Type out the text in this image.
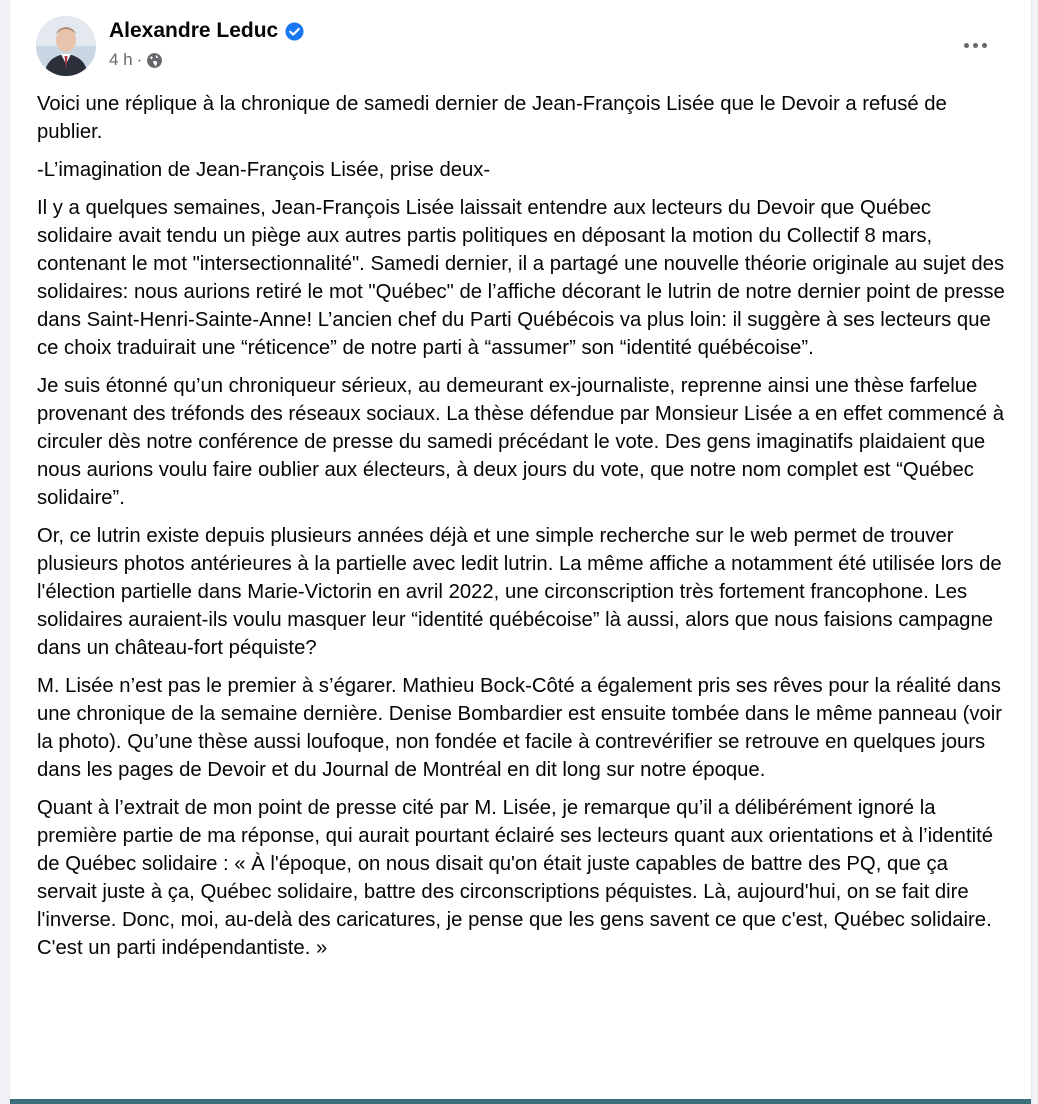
Alexandre Leduc
4 h ·

Voici une réplique à la chronique de samedi dernier de Jean-François Lisée que le Devoir a refusé de publier.

-L’imagination de Jean-François Lisée, prise deux-

Il y a quelques semaines, Jean-François Lisée laissait entendre aux lecteurs du Devoir que Québec solidaire avait tendu un piège aux autres partis politiques en déposant la motion du Collectif 8 mars, contenant le mot "intersectionnalité". Samedi dernier, il a partagé une nouvelle théorie originale au sujet des solidaires: nous aurions retiré le mot "Québec" de l’affiche décorant le lutrin de notre dernier point de presse dans Saint-Henri-Sainte-Anne! L’ancien chef du Parti Québécois va plus loin: il suggère à ses lecteurs que ce choix traduirait une “réticence” de notre parti à “assumer” son “identité québécoise”.

Je suis étonné qu’un chroniqueur sérieux, au demeurant ex-journaliste, reprenne ainsi une thèse farfelue provenant des tréfonds des réseaux sociaux. La thèse défendue par Monsieur Lisée a en effet commencé à circuler dès notre conférence de presse du samedi précédant le vote. Des gens imaginatifs plaidaient que nous aurions voulu faire oublier aux électeurs, à deux jours du vote, que notre nom complet est “Québec solidaire”.

Or, ce lutrin existe depuis plusieurs années déjà et une simple recherche sur le web permet de trouver plusieurs photos antérieures à la partielle avec ledit lutrin. La même affiche a notamment été utilisée lors de l'élection partielle dans Marie-Victorin en avril 2022, une circonscription très fortement francophone. Les solidaires auraient-ils voulu masquer leur “identité québécoise” là aussi, alors que nous faisions campagne dans un château-fort péquiste?

M. Lisée n’est pas le premier à s’égarer. Mathieu Bock-Côté a également pris ses rêves pour la réalité dans une chronique de la semaine dernière. Denise Bombardier est ensuite tombée dans le même panneau (voir la photo). Qu’une thèse aussi loufoque, non fondée et facile à contrevérifier se retrouve en quelques jours dans les pages de Devoir et du Journal de Montréal en dit long sur notre époque.

Quant à l’extrait de mon point de presse cité par M. Lisée, je remarque qu’il a délibérément ignoré la première partie de ma réponse, qui aurait pourtant éclairé ses lecteurs quant aux orientations et à l’identité de Québec solidaire : « À l'époque, on nous disait qu'on était juste capables de battre des PQ, que ça servait juste à ça, Québec solidaire, battre des circonscriptions péquistes. Là, aujourd'hui, on se fait dire l'inverse. Donc, moi, au-delà des caricatures, je pense que les gens savent ce que c'est, Québec solidaire. C'est un parti indépendantiste. »
